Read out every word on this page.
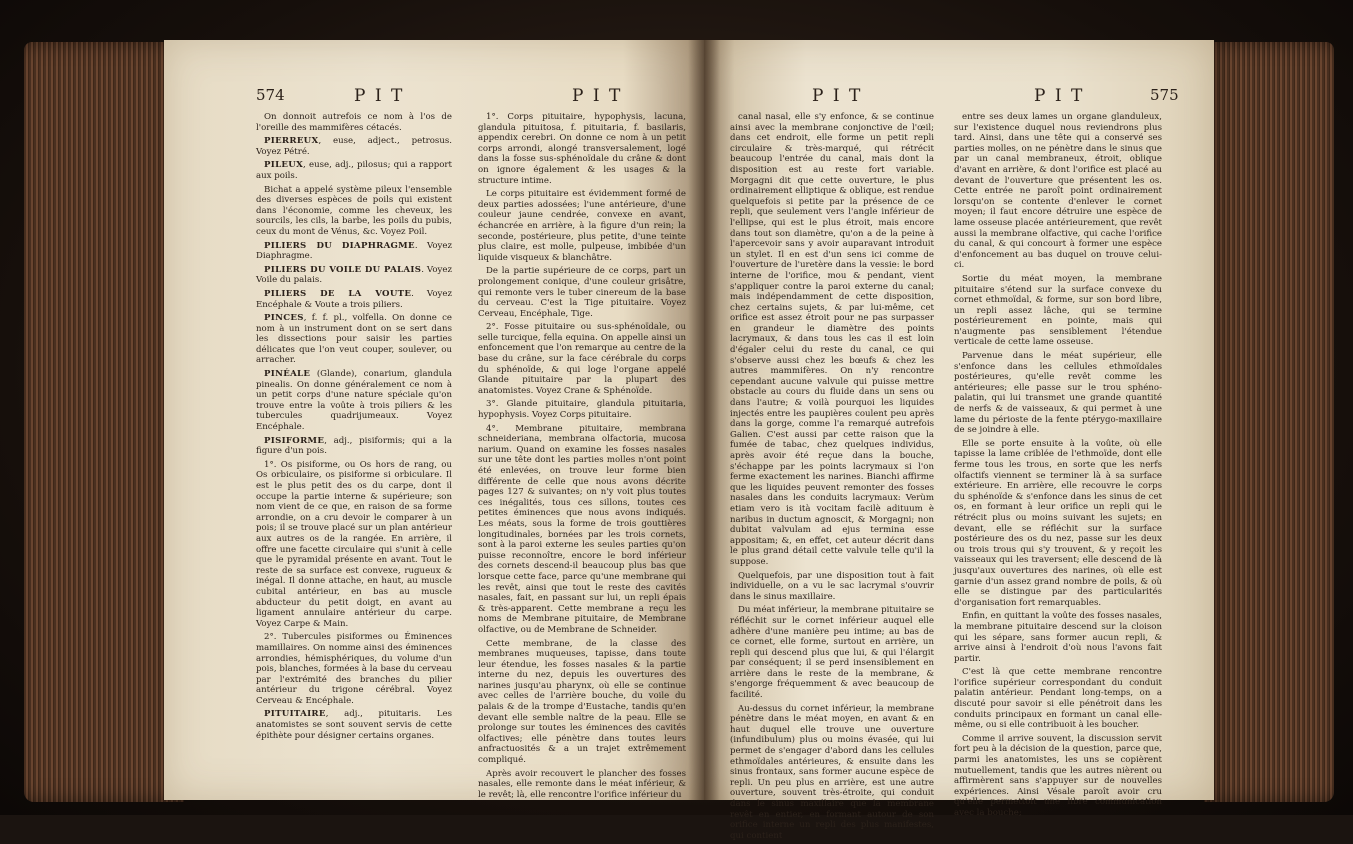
574	P I T	P I T

On donnoit autrefois ce nom à l'os de l'oreille des mammifères cétacés.

PIERREUX, euse, adject., petrosus. Voyez Pétré.

PILEUX, euse, adj., pilosus; qui a rapport aux poils.

Bichat a appelé système pileux l'ensemble des diverses espèces de poils qui existent dans l'économie, comme les cheveux, les sourcils, les cils, la barbe, les poils du pubis, ceux du mont de Vénus, &c. Voyez Poil.

PILIERS DU DIAPHRAGME. Voyez Diaphragme.

PILIERS DU VOILE DU PALAIS. Voyez Voile du palais.

PILIERS DE LA VOUTE. Voyez Encéphale & Voute a trois piliers.

PINCES, f. f. pl., volfella. On donne ce nom à un instrument dont on se sert dans les dissections pour saisir les parties délicates que l'on veut couper, soulever, ou arracher.

PINÉALE (Glande), conarium, glandula pinealis. On donne généralement ce nom à un petit corps d'une nature spéciale qu'on trouve entre la voûte à trois piliers & les tubercules quadrijumeaux. Voyez Encéphale.

PISIFORME, adj., pisiformis; qui a la figure d'un pois.

1°. Os pisiforme, ou Os hors de rang, ou Os orbiculaire, os pisiforme si orbiculare. Il est le plus petit des os du carpe, dont il occupe la partie interne & supérieure; son nom vient de ce que, en raison de sa forme arrondie, on a cru devoir le comparer à un pois; il se trouve placé sur un plan antérieur aux autres os de la rangée. En arrière, il offre une facette circulaire qui s'unit à celle que le pyramidal présente en avant. Tout le reste de sa surface est convexe, rugueux & inégal. Il donne attache, en haut, au muscle cubital antérieur, en bas au muscle abducteur du petit doigt, en avant au ligament annulaire antérieur du carpe. Voyez Carpe & Main.

2°. Tubercules pisiformes ou Éminences mamillaires. On nomme ainsi des éminences arrondies, hémisphériques, du volume d'un pois, blanches, formées à la base du cerveau par l'extrémité des branches du pilier antérieur du trigone cérébral. Voyez Cerveau & Encéphale.

PITUITAIRE, adj., pituitaris. Les anatomistes se sont souvent servis de cette épithète pour désigner certains organes.

1°. Corps pituitaire, hypophysis, lacuna, glandula pituitosa, f. pituitaria, f. basilaris, appendix cerebri. On donne ce nom à un petit corps arrondi, alongé transversalement, logé dans la fosse sus-sphénoïdale du crâne & dont on ignore également & les usages & la structure intime.

Le corps pituitaire est évidemment formé de deux parties adossées; l'une antérieure, d'une couleur jaune cendrée, convexe en avant, échancrée en arrière, à la figure d'un rein; la seconde, postérieure, plus petite, d'une teinte plus claire, est molle, pulpeuse, imbibée d'un liquide visqueux & blanchâtre.

De la partie supérieure de ce corps, part un prolongement conique, d'une couleur grisâtre, qui remonte vers le tuber cinereum de la base du cerveau. C'est la Tige pituitaire. Voyez Cerveau, Encéphale, Tige.

2°. Fosse pituitaire ou sus-sphénoïdale, ou selle turcique, fella equina. On appelle ainsi un enfoncement que l'on remarque au centre de la base du crâne, sur la face cérébrale du corps du sphénoïde, & qui loge l'organe appelé Glande pituitaire par la plupart des anatomistes. Voyez Crane & Sphénoïde.

3°. Glande pituitaire, glandula pituitaria, hypophysis. Voyez Corps pituitaire.

4°. Membrane pituitaire, membrana schneideriana, membrana olfactoria, mucosa narium. Quand on examine les fosses nasales sur une tête dont les parties molles n'ont point été enlevées, on trouve leur forme bien différente de celle que nous avons décrite pages 127 & suivantes; on n'y voit plus toutes ces inégalités, tous ces sillons, toutes ces petites éminences que nous avons indiqués. Les méats, sous la forme de trois gouttières longitudinales, bornées par les trois cornets, sont à la paroi externe les seules parties qu'on puisse reconnoître, encore le bord inférieur des cornets descend-il beaucoup plus bas que lorsque cette face, parce qu'une membrane qui les revêt, ainsi que tout le reste des cavités nasales, fait, en passant sur lui, un repli épais & très-apparent. Cette membrane a reçu les noms de Membrane pituitaire, de Membrane olfactive, ou de Membrane de Schneider.

Cette membrane, de la classe des membranes muqueuses, tapisse, dans toute leur étendue, les fosses nasales & la partie interne du nez, depuis les ouvertures des narines jusqu'au pharynx, où elle se continue avec celles de l'arrière bouche, du voile du palais & de la trompe d'Eustache, tandis qu'en devant elle semble naître de la peau. Elle se prolonge sur toutes les éminences des cavités olfactives; elle pénètre dans toutes leurs anfractuosités & a un trajet extrêmement compliqué.

Après avoir recouvert le plancher des fosses nasales, elle remonte dans le méat inférieur, & le revêt; là, elle rencontre l'orifice inférieur du

P I T	P I T	575

canal nasal, elle s'y enfonce, & se continue ainsi avec la membrane conjonctive de l'œil; dans cet endroit, elle forme un petit repli circulaire & très-marqué, qui rétrécit beaucoup l'entrée du canal, mais dont la disposition est au reste fort variable. Morgagni dit que cette ouverture, le plus ordinairement elliptique & oblique, est rendue quelquefois si petite par la présence de ce repli, que seulement vers l'angle inférieur de l'ellipse, qui est le plus étroit, mais encore dans tout son diamètre, qu'on a de la peine à l'apercevoir sans y avoir auparavant introduit un stylet. Il en est d'un sens ici comme de l'ouverture de l'uretère dans la vessie: le bord interne de l'orifice, mou & pendant, vient s'appliquer contre la paroi externe du canal; mais indépendamment de cette disposition, chez certains sujets, & par lui-même, cet orifice est assez étroit pour ne pas surpasser en grandeur le diamètre des points lacrymaux, & dans tous les cas il est loin d'égaler celui du reste du canal, ce qui s'observe aussi chez les bœufs & chez les autres mammifères. On n'y rencontre cependant aucune valvule qui puisse mettre obstacle au cours du fluide dans un sens ou dans l'autre; & voilà pourquoi les liquides injectés entre les paupières coulent peu après dans la gorge, comme l'a remarqué autrefois Galien. C'est aussi par cette raison que la fumée de tabac, chez quelques individus, après avoir été reçue dans la bouche, s'échappe par les points lacrymaux si l'on ferme exactement les narines. Bianchi affirme que les liquides peuvent remonter des fosses nasales dans les conduits lacrymaux: Verùm etiam vero is ità vocitam facilè adituum è naribus in ductum agnoscit, & Morgagni; non dubitat valvulam ad ejus termina esse appositam; &, en effet, cet auteur décrit dans le plus grand détail cette valvule telle qu'il la suppose.

Quelquefois, par une disposition tout à fait individuelle, on a vu le sac lacrymal s'ouvrir dans le sinus maxillaire.

Du méat inférieur, la membrane pituitaire se réfléchit sur le cornet inférieur auquel elle adhère d'une manière peu intime; au bas de ce cornet, elle forme, surtout en arrière, un repli qui descend plus que lui, & qui l'élargit par conséquent; il se perd insensiblement en arrière dans le reste de la membrane, & s'engorge fréquemment & avec beaucoup de facilité.

Au-dessus du cornet inférieur, la membrane pénètre dans le méat moyen, en avant & en haut duquel elle trouve une ouverture (infundibulum) plus ou moins évasée, qui lui permet de s'engager d'abord dans les cellules ethmoïdales antérieures, & ensuite dans les sinus frontaux, sans former aucune espèce de repli. Un peu plus en arrière, est une autre ouverture, souvent très-étroite, qui conduit dans le sinus maxillaire que la membrane revêt en entier, en formant autour de son orifice interne un repli des plus manifestes, qui contient

entre ses deux lames un organe glanduleux, sur l'existence duquel nous reviendrons plus tard. Ainsi, dans une tête qui a conservé ses parties molles, on ne pénètre dans le sinus que par un canal membraneux, étroit, oblique d'avant en arrière, & dont l'orifice est placé au devant de l'ouverture que présentent les os. Cette entrée ne paroît point ordinairement lorsqu'on se contente d'enlever le cornet moyen; il faut encore détruire une espèce de lame osseuse placée antérieurement, que revêt aussi la membrane olfactive, qui cache l'orifice du canal, & qui concourt à former une espèce d'enfoncement au bas duquel on trouve celui-ci.

Sortie du méat moyen, la membrane pituitaire s'étend sur la surface convexe du cornet ethmoïdal, & forme, sur son bord libre, un repli assez lâche, qui se termine postérieurement en pointe, mais qui n'augmente pas sensiblement l'étendue verticale de cette lame osseuse.

Parvenue dans le méat supérieur, elle s'enfonce dans les cellules ethmoïdales postérieures, qu'elle revêt comme les antérieures; elle passe sur le trou sphéno-palatin, qui lui transmet une grande quantité de nerfs & de vaisseaux, & qui permet à une lame du périoste de la fente ptérygo-maxillaire de se joindre à elle.

Elle se porte ensuite à la voûte, où elle tapisse la lame criblée de l'ethmoïde, dont elle ferme tous les trous, en sorte que les nerfs olfactifs viennent se terminer là à sa surface extérieure. En arrière, elle recouvre le corps du sphénoïde & s'enfonce dans les sinus de cet os, en formant à leur orifice un repli qui le rétrécit plus ou moins suivant les sujets; en devant, elle se réfléchit sur la surface postérieure des os du nez, passe sur les deux ou trois trous qui s'y trouvent, & y reçoit les vaisseaux qui les traversent; elle descend de là jusqu'aux ouvertures des narines, où elle est garnie d'un assez grand nombre de poils, & où elle se distingue par des particularités d'organisation fort remarquables.

Enfin, en quittant la voûte des fosses nasales, la membrane pituitaire descend sur la cloison qui les sépare, sans former aucun repli, & arrive ainsi à l'endroit d'où nous l'avons fait partir.

C'est là que cette membrane rencontre l'orifice supérieur correspondant du conduit palatin antérieur. Pendant long-temps, on a discuté pour savoir si elle pénétroit dans les conduits principaux en formant un canal elle-même, ou si elle contribuoit à les boucher.

Comme il arrive souvent, la discussion servit fort peu à la décision de la question, parce que, parmi les anatomistes, les uns se copièrent mutuellement, tandis que les autres nièrent ou affirmèrent sans s'appuyer sur de nouvelles expériences. Ainsi Vésale paroît avoir cru qu'elle permettoit une libre communication avec la bouche;
